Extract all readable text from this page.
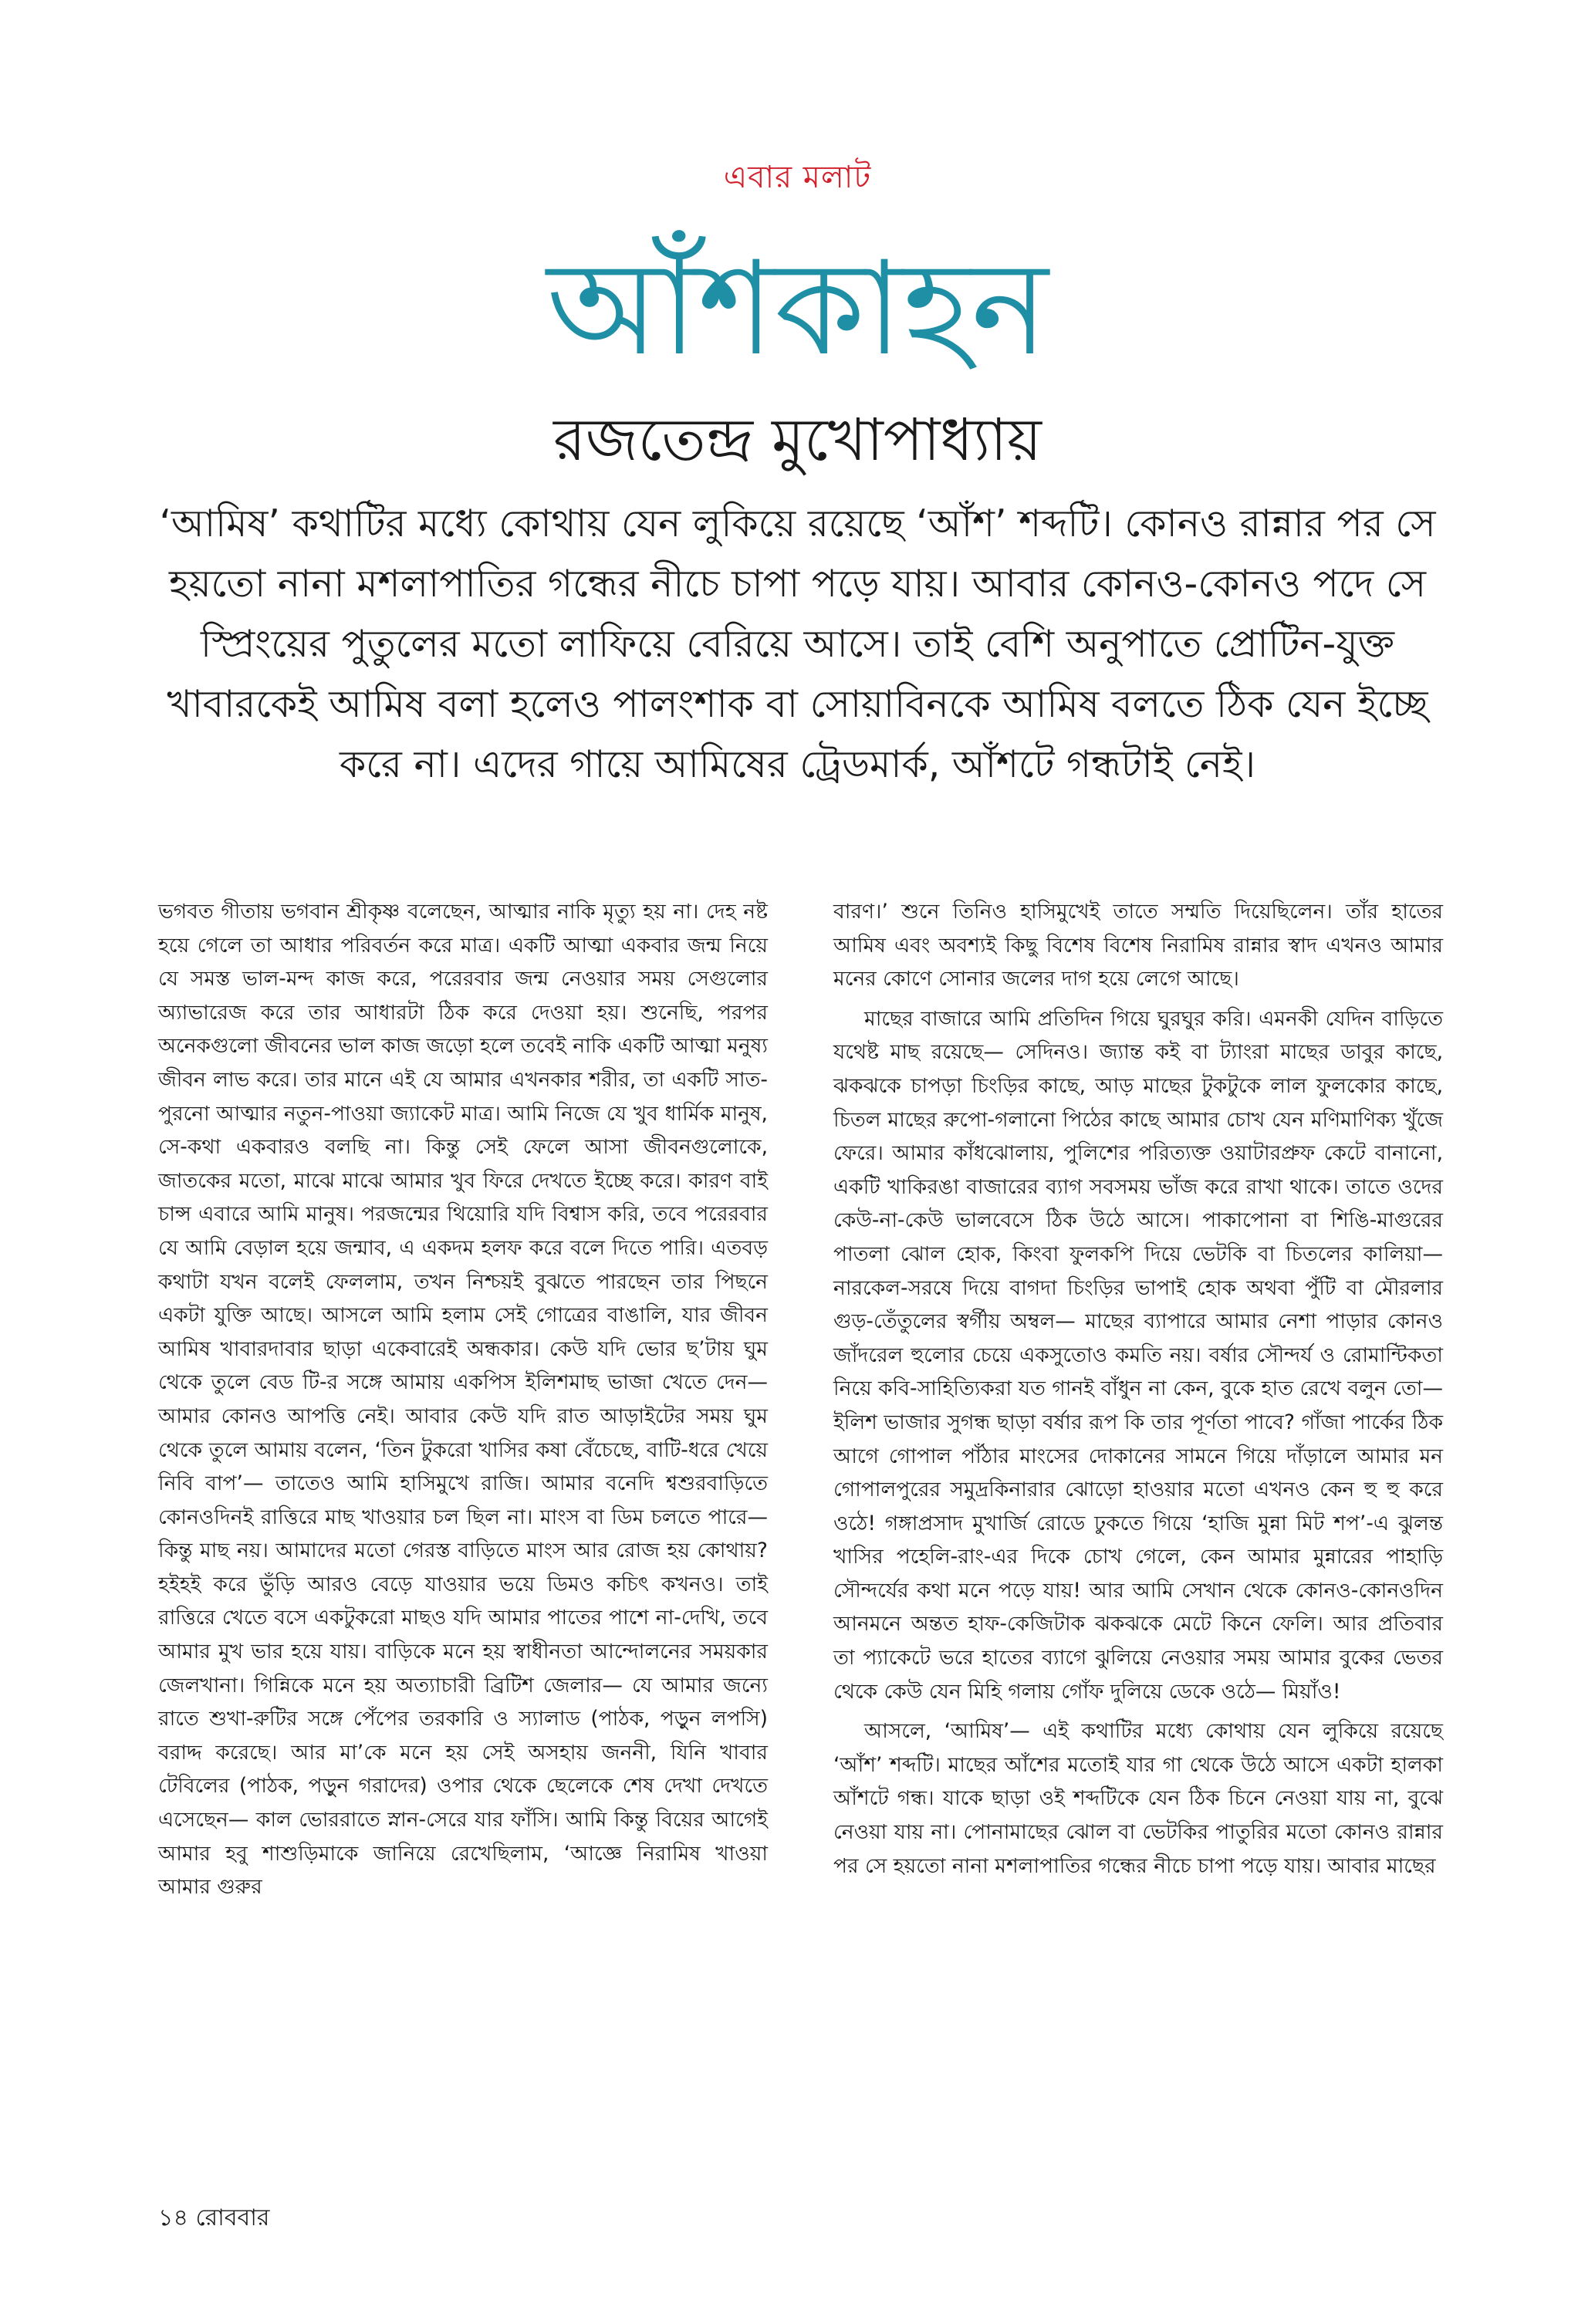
এবার মলাট
আঁশকাহন
রজতেন্দ্র মুখোপাধ্যায়
‘আমিষ’ কথাটির মধ্যে কোথায় যেন লুকিয়ে রয়েছে ‘আঁশ’ শব্দটি। কোনও রান্নার পর সে হয়তো নানা মশলাপাতির গন্ধের নীচে চাপা পড়ে যায়। আবার কোনও-কোনও পদে সে স্প্রিংয়ের পুতুলের মতো লাফিয়ে বেরিয়ে আসে। তাই বেশি অনুপাতে প্রোটিন-যুক্ত খাবারকেই আমিষ বলা হলেও পালংশাক বা সোয়াবিনকে আমিষ বলতে ঠিক যেন ইচ্ছে করে না। এদের গায়ে আমিষের ট্রেডমার্ক, আঁশটে গন্ধটাই নেই।

ভগবত গীতায় ভগবান শ্রীকৃষ্ণ বলেছেন, আত্মার নাকি মৃত্যু হয় না। দেহ নষ্ট হয়ে গেলে তা আধার পরিবর্তন করে মাত্র। একটি আত্মা একবার জন্ম নিয়ে যে সমস্ত ভাল-মন্দ কাজ করে, পরেরবার জন্ম নেওয়ার সময় সেগুলোর অ্যাভারেজ করে তার আধারটা ঠিক করে দেওয়া হয়। শুনেছি, পরপর অনেকগুলো জীবনের ভাল কাজ জড়ো হলে তবেই নাকি একটি আত্মা মনুষ্য জীবন লাভ করে। তার মানে এই যে আমার এখনকার শরীর, তা একটি সাত-পুরনো আত্মার নতুন-পাওয়া জ্যাকেট মাত্র। আমি নিজে যে খুব ধার্মিক মানুষ, সে-কথা একবারও বলছি না। কিন্তু সেই ফেলে আসা জীবনগুলোকে, জাতকের মতো, মাঝে মাঝে আমার খুব ফিরে দেখতে ইচ্ছে করে। কারণ বাই চান্স এবারে আমি মানুষ। পরজন্মের থিয়োরি যদি বিশ্বাস করি, তবে পরেরবার যে আমি বেড়াল হয়ে জন্মাব, এ একদম হলফ করে বলে দিতে পারি। এতবড় কথাটা যখন বলেই ফেললাম, তখন নিশ্চয়ই বুঝতে পারছেন তার পিছনে একটা যুক্তি আছে। আসলে আমি হলাম সেই গোত্রের বাঙালি, যার জীবন আমিষ খাবারদাবার ছাড়া একেবারেই অন্ধকার। কেউ যদি ভোর ছ’টায় ঘুম থেকে তুলে বেড টি-র সঙ্গে আমায় একপিস ইলিশমাছ ভাজা খেতে দেন— আমার কোনও আপত্তি নেই। আবার কেউ যদি রাত আড়াইটের সময় ঘুম থেকে তুলে আমায় বলেন, ‘তিন টুকরো খাসির কষা বেঁচেছে, বাটি-ধরে খেয়ে নিবি বাপ’— তাতেও আমি হাসিমুখে রাজি। আমার বনেদি শ্বশুরবাড়িতে কোনওদিনই রাত্তিরে মাছ খাওয়ার চল ছিল না। মাংস বা ডিম চলতে পারে— কিন্তু মাছ নয়। আমাদের মতো গেরস্ত বাড়িতে মাংস আর রোজ হয় কোথায়? হইহই করে ভুঁড়ি আরও বেড়ে যাওয়ার ভয়ে ডিমও কচিৎ কখনও। তাই রাত্তিরে খেতে বসে একটুকরো মাছও যদি আমার পাতের পাশে না-দেখি, তবে আমার মুখ ভার হয়ে যায়। বাড়িকে মনে হয় স্বাধীনতা আন্দোলনের সময়কার জেলখানা। গিন্নিকে মনে হয় অত্যাচারী ব্রিটিশ জেলার— যে আমার জন্যে রাতে শুখা-রুটির সঙ্গে পেঁপের তরকারি ও স্যালাড (পাঠক, পড়ুন লপসি) বরাদ্দ করেছে। আর মা’কে মনে হয় সেই অসহায় জননী, যিনি খাবার টেবিলের (পাঠক, পড়ুন গরাদের) ওপার থেকে ছেলেকে শেষ দেখা দেখতে এসেছেন— কাল ভোররাতে স্নান-সেরে যার ফাঁসি। আমি কিন্তু বিয়ের আগেই আমার হবু শাশুড়িমাকে জানিয়ে রেখেছিলাম, ‘আজ্ঞে নিরামিষ খাওয়া আমার গুরুর

বারণ।’ শুনে তিনিও হাসিমুখেই তাতে সম্মতি দিয়েছিলেন। তাঁর হাতের আমিষ এবং অবশ্যই কিছু বিশেষ বিশেষ নিরামিষ রান্নার স্বাদ এখনও আমার মনের কোণে সোনার জলের দাগ হয়ে লেগে আছে।

মাছের বাজারে আমি প্রতিদিন গিয়ে ঘুরঘুর করি। এমনকী যেদিন বাড়িতে যথেষ্ট মাছ রয়েছে— সেদিনও। জ্যান্ত কই বা ট্যাংরা মাছের ডাবুর কাছে, ঝকঝকে চাপড়া চিংড়ির কাছে, আড় মাছের টুকটুকে লাল ফুলকোর কাছে, চিতল মাছের রুপো-গলানো পিঠের কাছে আমার চোখ যেন মণিমাণিক্য খুঁজে ফেরে। আমার কাঁধঝোলায়, পুলিশের পরিত্যক্ত ওয়াটারপ্রুফ কেটে বানানো, একটি খাকিরঙা বাজারের ব্যাগ সবসময় ভাঁজ করে রাখা থাকে। তাতে ওদের কেউ-না-কেউ ভালবেসে ঠিক উঠে আসে। পাকাপোনা বা শিঙি-মাগুরের পাতলা ঝোল হোক, কিংবা ফুলকপি দিয়ে ভেটকি বা চিতলের কালিয়া— নারকেল-সরষে দিয়ে বাগদা চিংড়ির ভাপাই হোক অথবা পুঁটি বা মৌরলার গুড়-তেঁতুলের স্বর্গীয় অম্বল— মাছের ব্যাপারে আমার নেশা পাড়ার কোনও জাঁদরেল হুলোর চেয়ে একসুতোও কমতি নয়। বর্ষার সৌন্দর্য ও রোমান্টিকতা নিয়ে কবি-সাহিত্যিকরা যত গানই বাঁধুন না কেন, বুকে হাত রেখে বলুন তো— ইলিশ ভাজার সুগন্ধ ছাড়া বর্ষার রূপ কি তার পূর্ণতা পাবে? গাঁজা পার্কের ঠিক আগে গোপাল পাঁঠার মাংসের দোকানের সামনে গিয়ে দাঁড়ালে আমার মন গোপালপুরের সমুদ্রকিনারার ঝোড়ো হাওয়ার মতো এখনও কেন হু হু করে ওঠে! গঙ্গাপ্রসাদ মুখার্জি রোডে ঢুকতে গিয়ে ‘হাজি মুন্না মিট শপ’-এ ঝুলন্ত খাসির পহেলি-রাং-এর দিকে চোখ গেলে, কেন আমার মুন্নারের পাহাড়ি সৌন্দর্যের কথা মনে পড়ে যায়! আর আমি সেখান থেকে কোনও-কোনওদিন আনমনে অন্তত হাফ-কেজিটাক ঝকঝকে মেটে কিনে ফেলি। আর প্রতিবার তা প্যাকেটে ভরে হাতের ব্যাগে ঝুলিয়ে নেওয়ার সময় আমার বুকের ভেতর থেকে কেউ যেন মিহি গলায় গোঁফ দুলিয়ে ডেকে ওঠে— মিয়াঁও!

আসলে, ‘আমিষ’— এই কথাটির মধ্যে কোথায় যেন লুকিয়ে রয়েছে ‘আঁশ’ শব্দটি। মাছের আঁশের মতোই যার গা থেকে উঠে আসে একটা হালকা আঁশটে গন্ধ। যাকে ছাড়া ওই শব্দটিকে যেন ঠিক চিনে নেওয়া যায় না, বুঝে নেওয়া যায় না। পোনামাছের ঝোল বা ভেটকির পাতুরির মতো কোনও রান্নার পর সে হয়তো নানা মশলাপাতির গন্ধের নীচে চাপা পড়ে যায়। আবার মাছের

১৪ রোববার
